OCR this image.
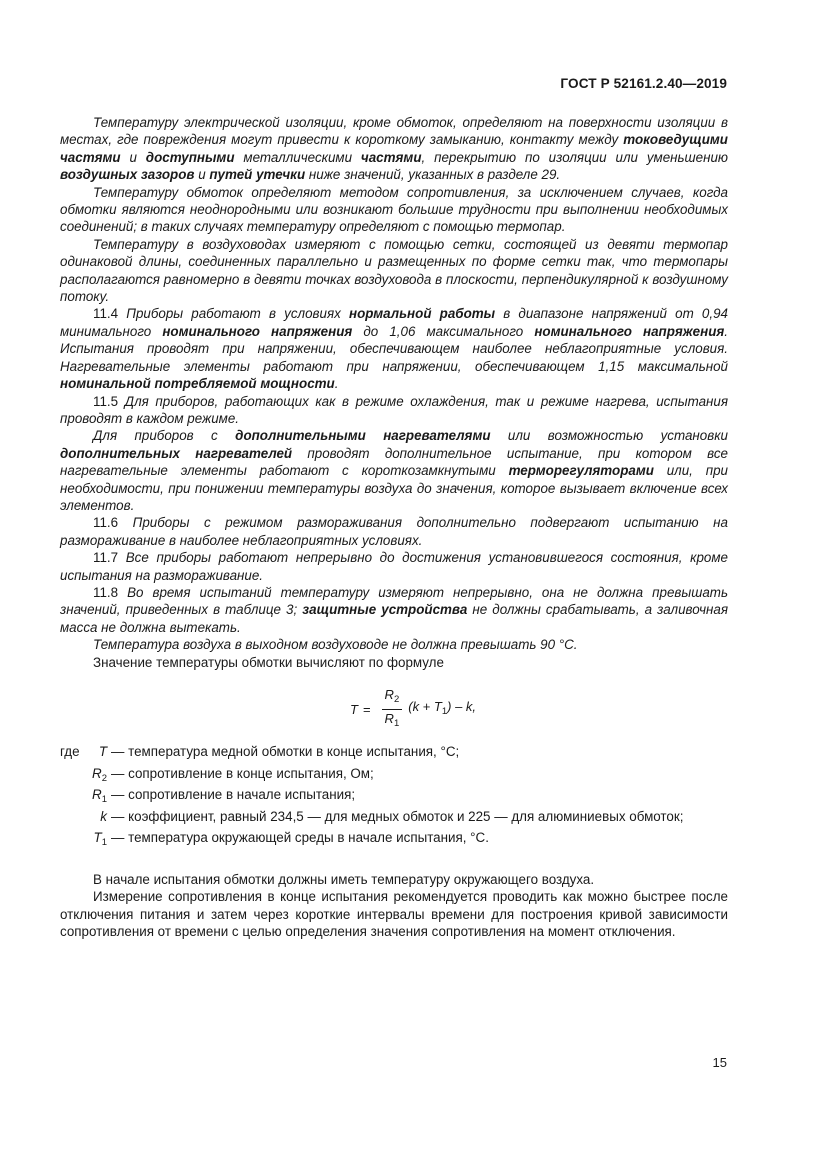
ГОСТ Р 52161.2.40—2019

Температуру электрической изоляции, кроме обмоток, определяют на поверхности изоляции в местах, где повреждения могут привести к короткому замыканию, контакту между токоведущими частями и доступными металлическими частями, перекрытию по изоляции или уменьшению воздушных зазоров и путей утечки ниже значений, указанных в разделе 29.

Температуру обмоток определяют методом сопротивления, за исключением случаев, когда обмотки являются неоднородными или возникают большие трудности при выполнении необходимых соединений; в таких случаях температуру определяют с помощью термопар.

Температуру в воздуховодах измеряют с помощью сетки, состоящей из девяти термопар одинаковой длины, соединенных параллельно и размещенных по форме сетки так, что термопары располагаются равномерно в девяти точках воздуховода в плоскости, перпендикулярной к воздушному потоку.

11.4 Приборы работают в условиях нормальной работы в диапазоне напряжений от 0,94 минимального номинального напряжения до 1,06 максимального номинального напряжения. Испытания проводят при напряжении, обеспечивающем наиболее неблагоприятные условия. Нагревательные элементы работают при напряжении, обеспечивающем 1,15 максимальной номинальной потребляемой мощности.

11.5 Для приборов, работающих как в режиме охлаждения, так и режиме нагрева, испытания проводят в каждом режиме.

Для приборов с дополнительными нагревателями или возможностью установки дополнительных нагревателей проводят дополнительное испытание, при котором все нагревательные элементы работают с короткозамкнутыми терморегуляторами или, при необходимости, при понижении температуры воздуха до значения, которое вызывает включение всех элементов.

11.6 Приборы с режимом размораживания дополнительно подвергают испытанию на размораживание в наиболее неблагоприятных условиях.

11.7 Все приборы работают непрерывно до достижения установившегося состояния, кроме испытания на размораживание.

11.8 Во время испытаний температуру измеряют непрерывно, она не должна превышать значений, приведенных в таблице 3; защитные устройства не должны срабатывать, а заливочная масса не должна вытекать.

Температура воздуха в выходном воздуховоде не должна превышать 90 °С.

Значение температуры обмотки вычисляют по формуле

$T = \frac{R_2}{R_1} (k + T_1) - k$,
где	T — температура медной обмотки в конце испытания, °С;
$R_2$ — сопротивление в конце испытания, Ом;
$R_1$ — сопротивление в начале испытания;
k — коэффициент, равный 234,5 — для медных обмоток и 225 — для алюминиевых обмоток;
$T_1$ — температура окружающей среды в начале испытания, °С.

В начале испытания обмотки должны иметь температуру окружающего воздуха.

Измерение сопротивления в конце испытания рекомендуется проводить как можно быстрее после отключения питания и затем через короткие интервалы времени для построения кривой зависимости сопротивления от времени с целью определения значения сопротивления на момент отключения.

15
